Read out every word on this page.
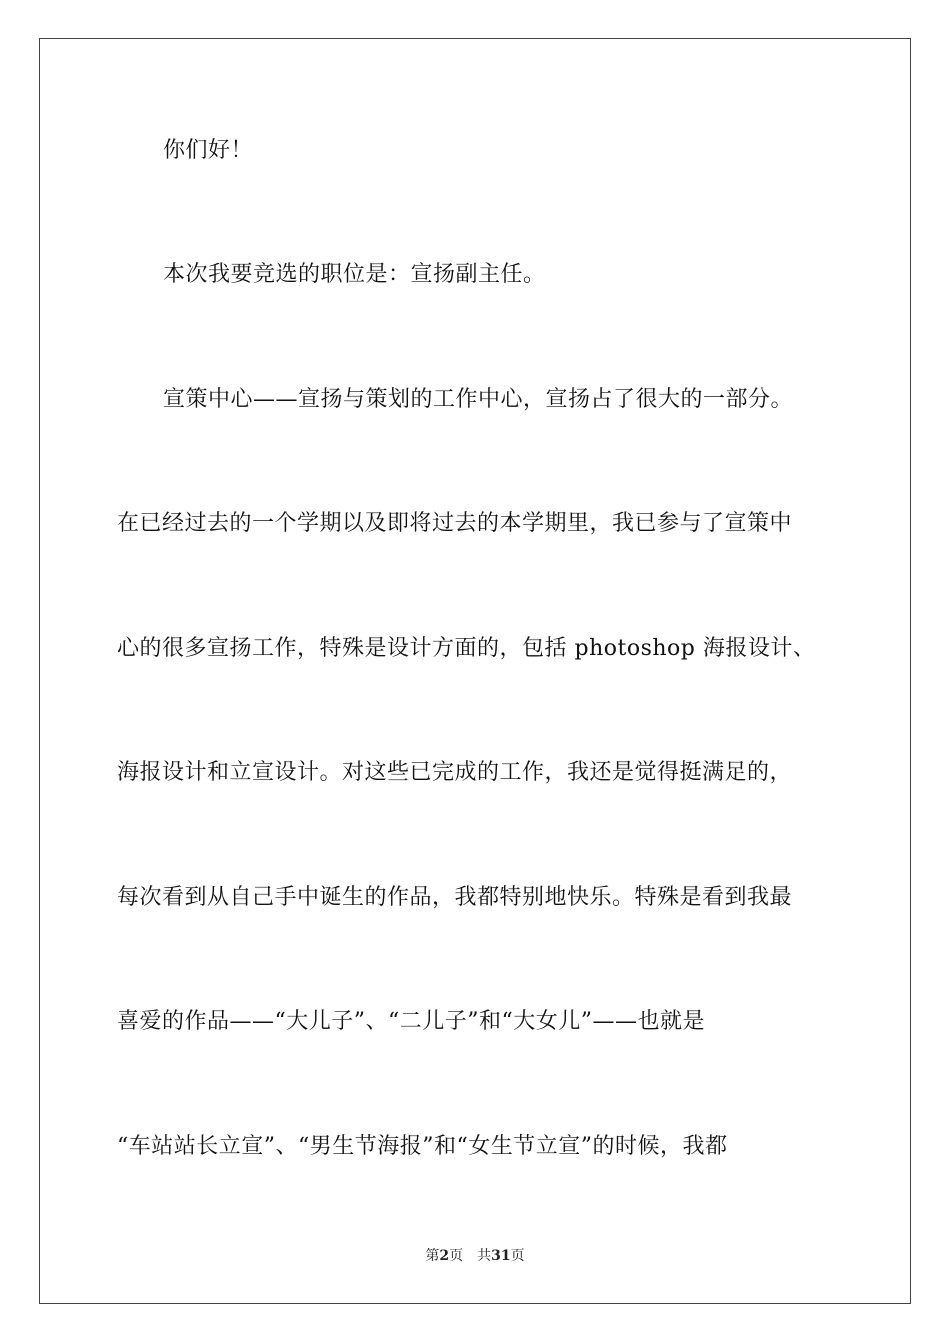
你们好！
本次我要竞选的职位是：宣扬副主任。
宣策中心——宣扬与策划的工作中心，宣扬占了很大的一部分。
在已经过去的一个学期以及即将过去的本学期里，我已参与了宣策中
心的很多宣扬工作，特殊是设计方面的，包括 photoshop 海报设计、
海报设计和立宣设计。对这些已完成的工作，我还是觉得挺满足的，
每次看到从自己手中诞生的作品，我都特别地快乐。特殊是看到我最
喜爱的作品——“大儿子”、“二儿子”和“大女儿”——也就是
“车站站长立宣”、“男生节海报”和“女生节立宣”的时候，我都
第2页 共31页
